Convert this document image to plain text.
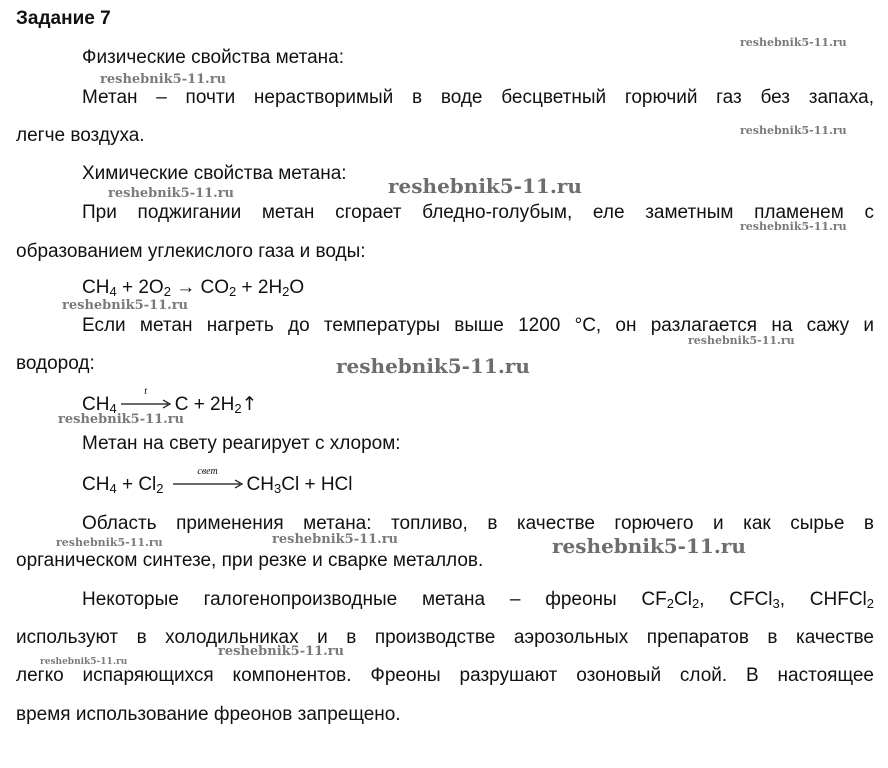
Задание 7
Физические свойства метана:
Метан – почти нерастворимый в воде бесцветный горючий газ без запаха,
легче воздуха.
Химические свойства метана:
При поджигании метан сгорает бледно-голубым, еле заметным пламенем с
образованием углекислого газа и воды:
$CH_4 + 2O_2 \to CO_2 + 2H_2O$
Если метан нагреть до температуры выше 1200 °C, он разлагается на сажу и
водород:
$CH_4$
t
$C + 2H_2↑$
Метан на свету реагирует с хлором:
$CH_4 + Cl_2$
свет
$CH_3Cl$ + HCl
Область применения метана: топливо, в качестве горючего и как сырье в
органическом синтезе, при резке и сварке металлов.
Некоторые галогенопроизводные метана – фреоны $CF_2Cl_2$, CFCl$_3$, CHFCl$_2$
используют в холодильниках и в производстве аэрозольных препаратов в качестве
легко испаряющихся компонентов. Фреоны разрушают озоновый слой. В настоящее
время использование фреонов запрещено.
reshebnik5-11.ru
reshebnik5-11.ru
reshebnik5-11.ru
reshebnik5-11.ru
reshebnik5-11.ru
reshebnik5-11.ru
reshebnik5-11.ru
reshebnik5-11.ru
reshebnik5-11.ru
reshebnik5-11.ru
reshebnik5-11.ru	reshebnik5-11.ru	reshebnik5-11.ru
reshebnik5-11.ru
reshebnik5-11.ru
